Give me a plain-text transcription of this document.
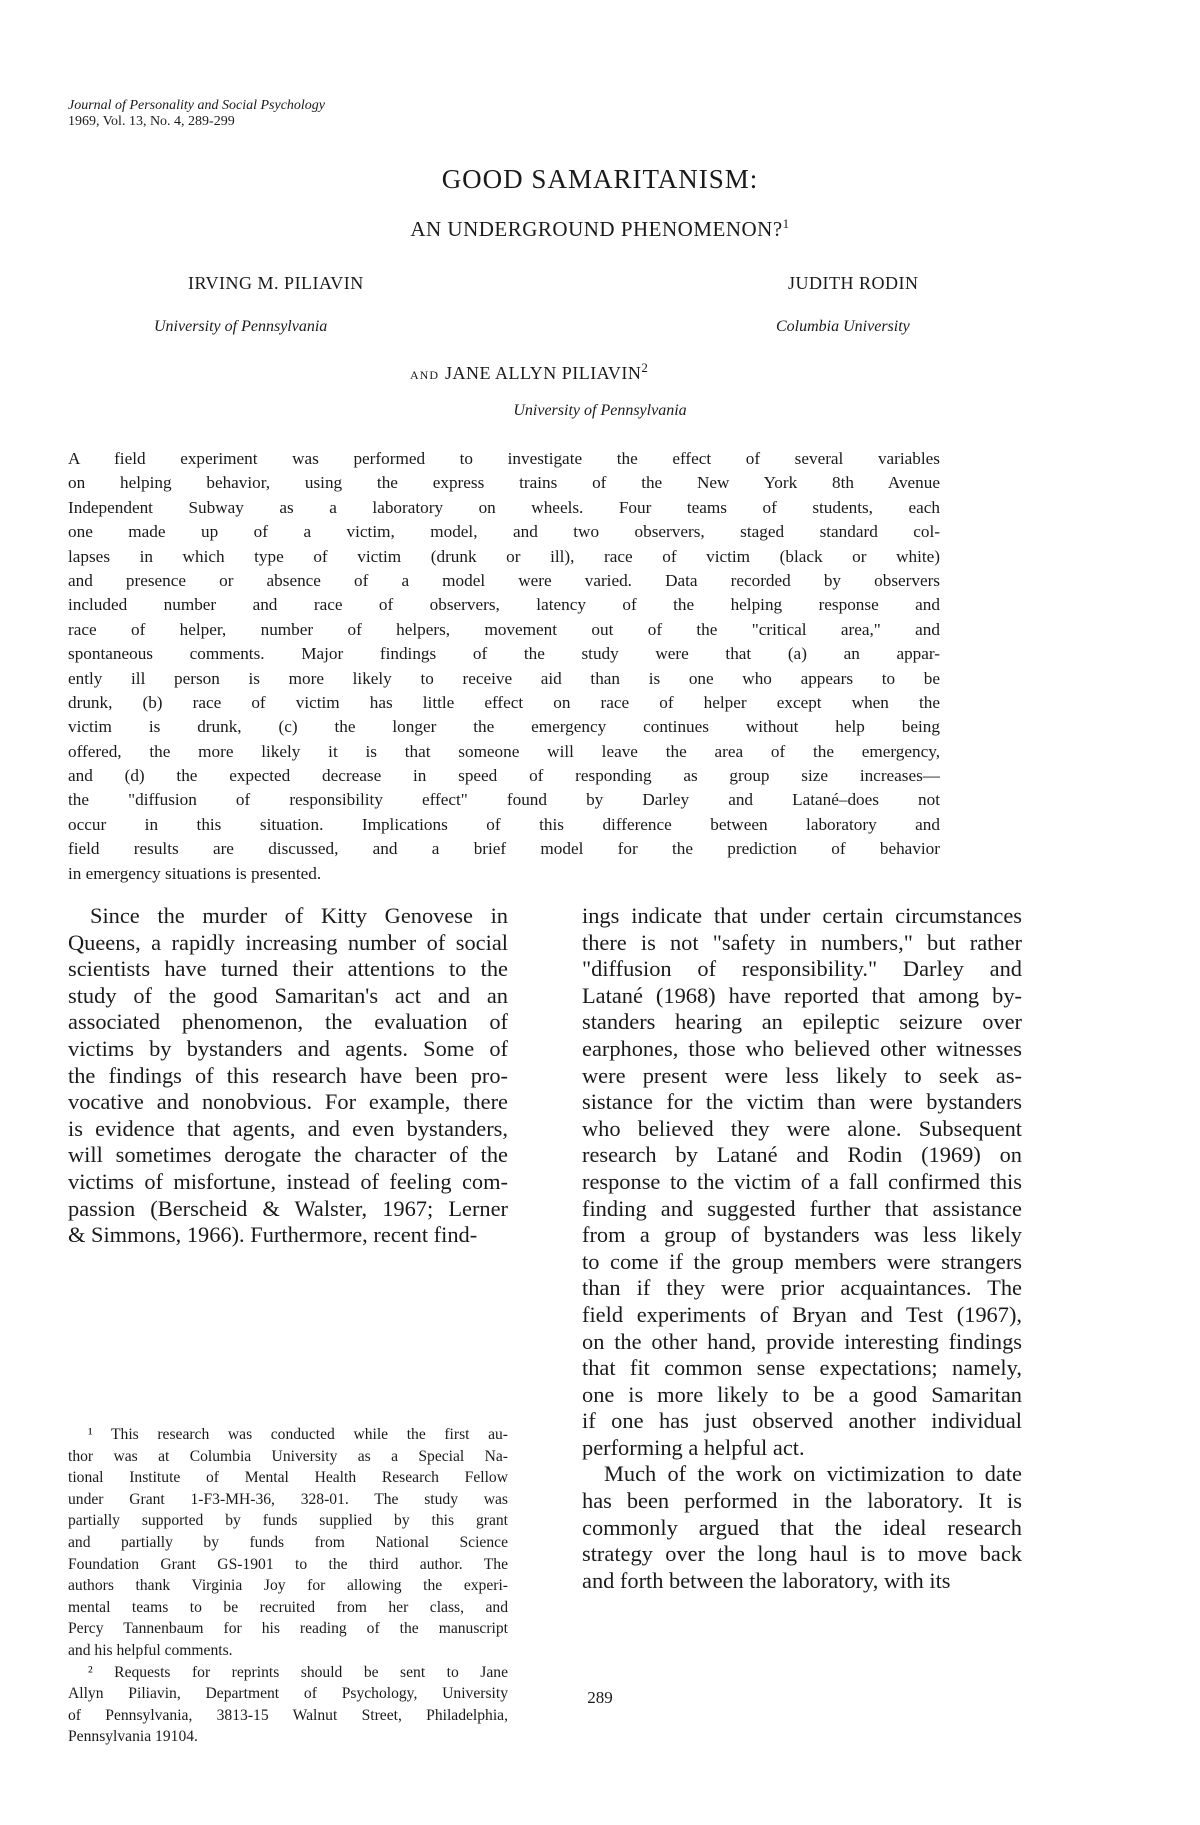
Journal of Personality and Social Psychology
1969, Vol. 13, No. 4, 289-299
GOOD SAMARITANISM:
AN UNDERGROUND PHENOMENON?$^1$
IRVING M. PILIAVIN
University of Pennsylvania
JUDITH RODIN
Columbia University
AND JANE ALLYN PILIAVIN$^2$
University of Pennsylvania
A field experiment was performed to investigate the effect of several variables
on helping behavior, using the express trains of the New York 8th Avenue
Independent Subway as a laboratory on wheels. Four teams of students, each
one made up of a victim, model, and two observers, staged standard col-
lapses in which type of victim (drunk or ill), race of victim (black or white)
and presence or absence of a model were varied. Data recorded by observers
included number and race of observers, latency of the helping response and
race of helper, number of helpers, movement out of the "critical area," and
spontaneous comments. Major findings of the study were that (a) an appar-
ently ill person is more likely to receive aid than is one who appears to be
drunk, (b) race of victim has little effect on race of helper except when the
victim is drunk, (c) the longer the emergency continues without help being
offered, the more likely it is that someone will leave the area of the emergency,
and (d) the expected decrease in speed of responding as group size increases—
the "diffusion of responsibility effect" found by Darley and Latané–does not
occur in this situation. Implications of this difference between laboratory and
field results are discussed, and a brief model for the prediction of behavior
in emergency situations is presented.
Since the murder of Kitty Genovese in
Queens, a rapidly increasing number of social
scientists have turned their attentions to the
study of the good Samaritan's act and an
associated phenomenon, the evaluation of
victims by bystanders and agents. Some of
the findings of this research have been pro-
vocative and nonobvious. For example, there
is evidence that agents, and even bystanders,
will sometimes derogate the character of the
victims of misfortune, instead of feeling com-
passion (Berscheid & Walster, 1967; Lerner
& Simmons, 1966). Furthermore, recent find-
¹ This research was conducted while the first au-
thor was at Columbia University as a Special Na-
tional Institute of Mental Health Research Fellow
under Grant 1-F3-MH-36, 328-01. The study was
partially supported by funds supplied by this grant
and partially by funds from National Science
Foundation Grant GS-1901 to the third author. The
authors thank Virginia Joy for allowing the experi-
mental teams to be recruited from her class, and
Percy Tannenbaum for his reading of the manuscript
and his helpful comments.
² Requests for reprints should be sent to Jane
Allyn Piliavin, Department of Psychology, University
of Pennsylvania, 3813-15 Walnut Street, Philadelphia,
Pennsylvania 19104.
ings indicate that under certain circumstances
there is not "safety in numbers," but rather
"diffusion of responsibility." Darley and
Latané (1968) have reported that among by-
standers hearing an epileptic seizure over
earphones, those who believed other witnesses
were present were less likely to seek as-
sistance for the victim than were bystanders
who believed they were alone. Subsequent
research by Latané and Rodin (1969) on
response to the victim of a fall confirmed this
finding and suggested further that assistance
from a group of bystanders was less likely
to come if the group members were strangers
than if they were prior acquaintances. The
field experiments of Bryan and Test (1967),
on the other hand, provide interesting findings
that fit common sense expectations; namely,
one is more likely to be a good Samaritan
if one has just observed another individual
performing a helpful act.
Much of the work on victimization to date
has been performed in the laboratory. It is
commonly argued that the ideal research
strategy over the long haul is to move back
and forth between the laboratory, with its
289
